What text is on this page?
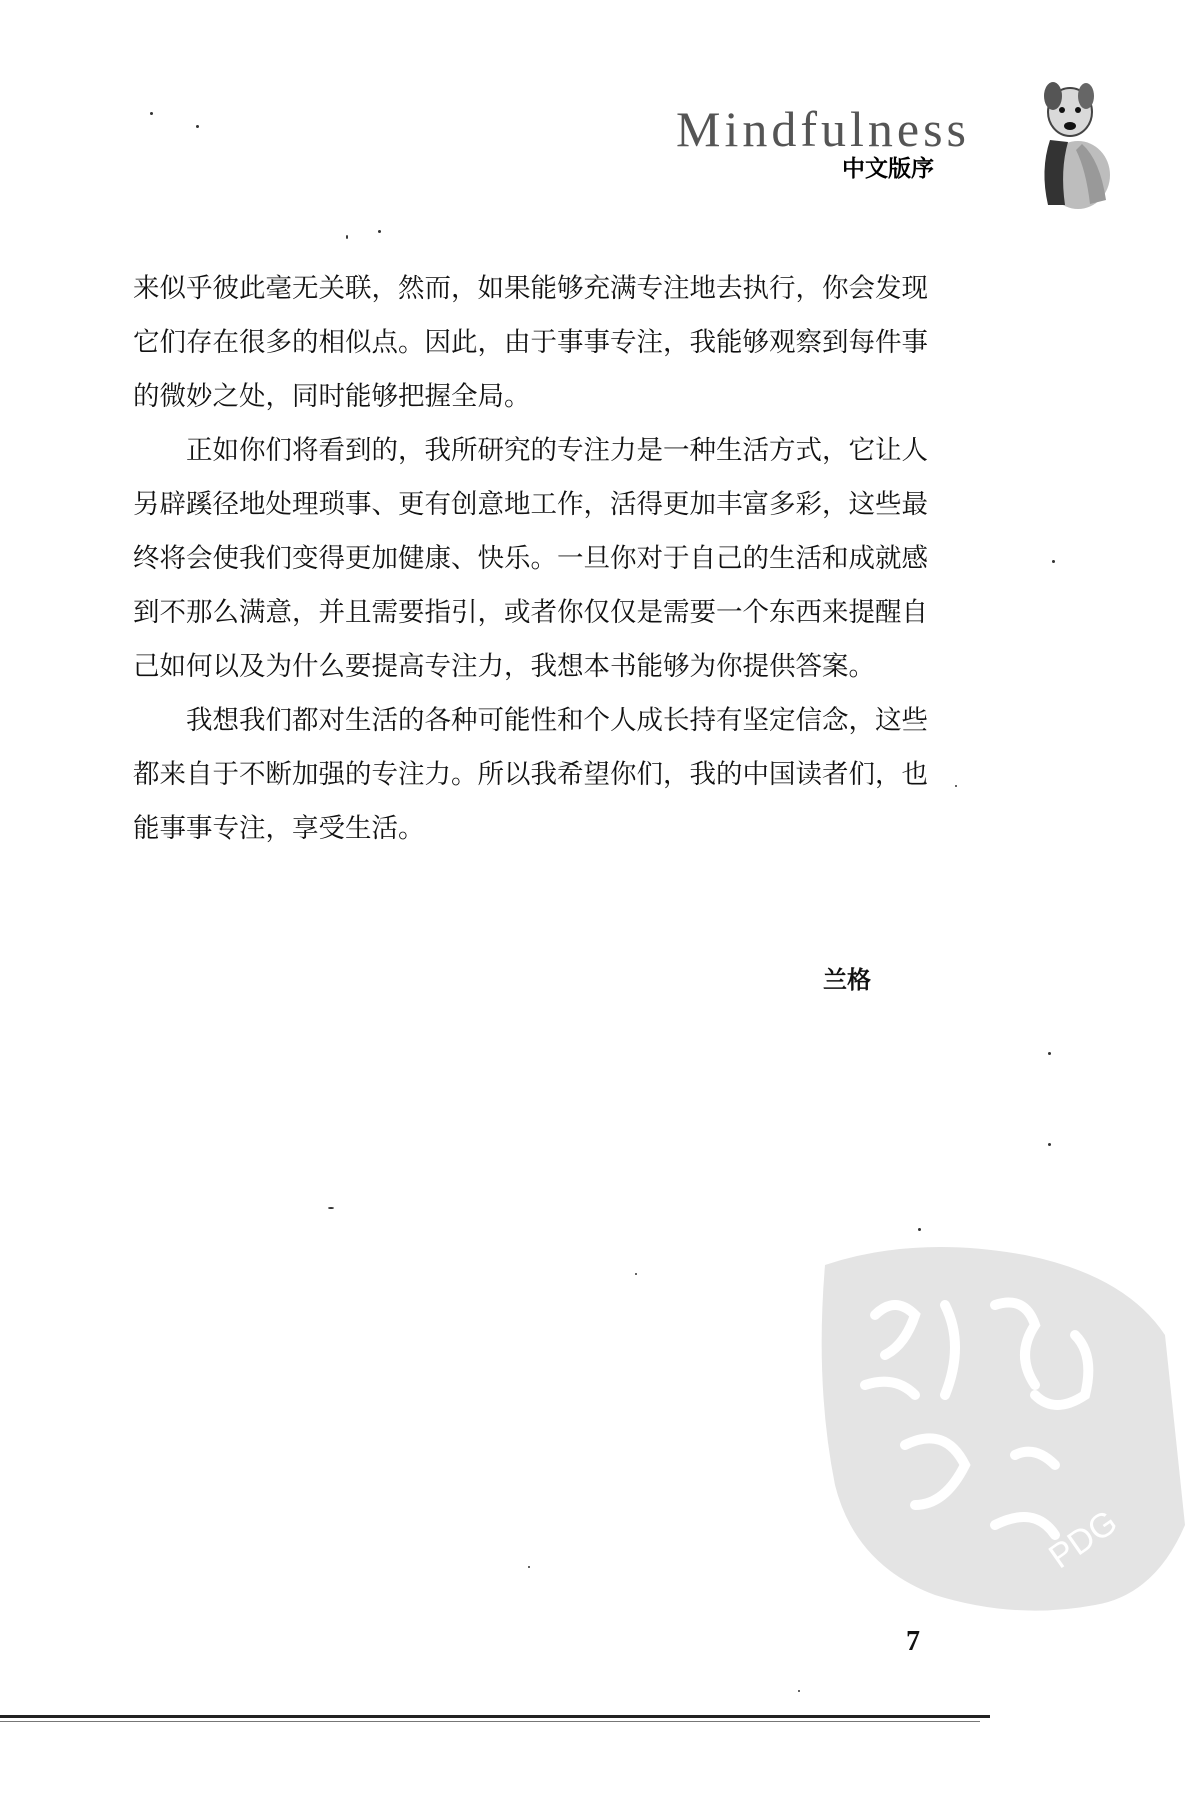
Mindfulness
中文版序

来似乎彼此毫无关联，然而，如果能够充满专注地去执行，你会发现它们存在很多的相似点。因此，由于事事专注，我能够观察到每件事的微妙之处，同时能够把握全局。

正如你们将看到的，我所研究的专注力是一种生活方式，它让人另辟蹊径地处理琐事、更有创意地工作，活得更加丰富多彩，这些最终将会使我们变得更加健康、快乐。一旦你对于自己的生活和成就感到不那么满意，并且需要指引，或者你仅仅是需要一个东西来提醒自己如何以及为什么要提高专注力，我想本书能够为你提供答案。

我想我们都对生活的各种可能性和个人成长持有坚定信念，这些都来自于不断加强的专注力。所以我希望你们，我的中国读者们，也能事事专注，享受生活。

兰格
PDG
7
